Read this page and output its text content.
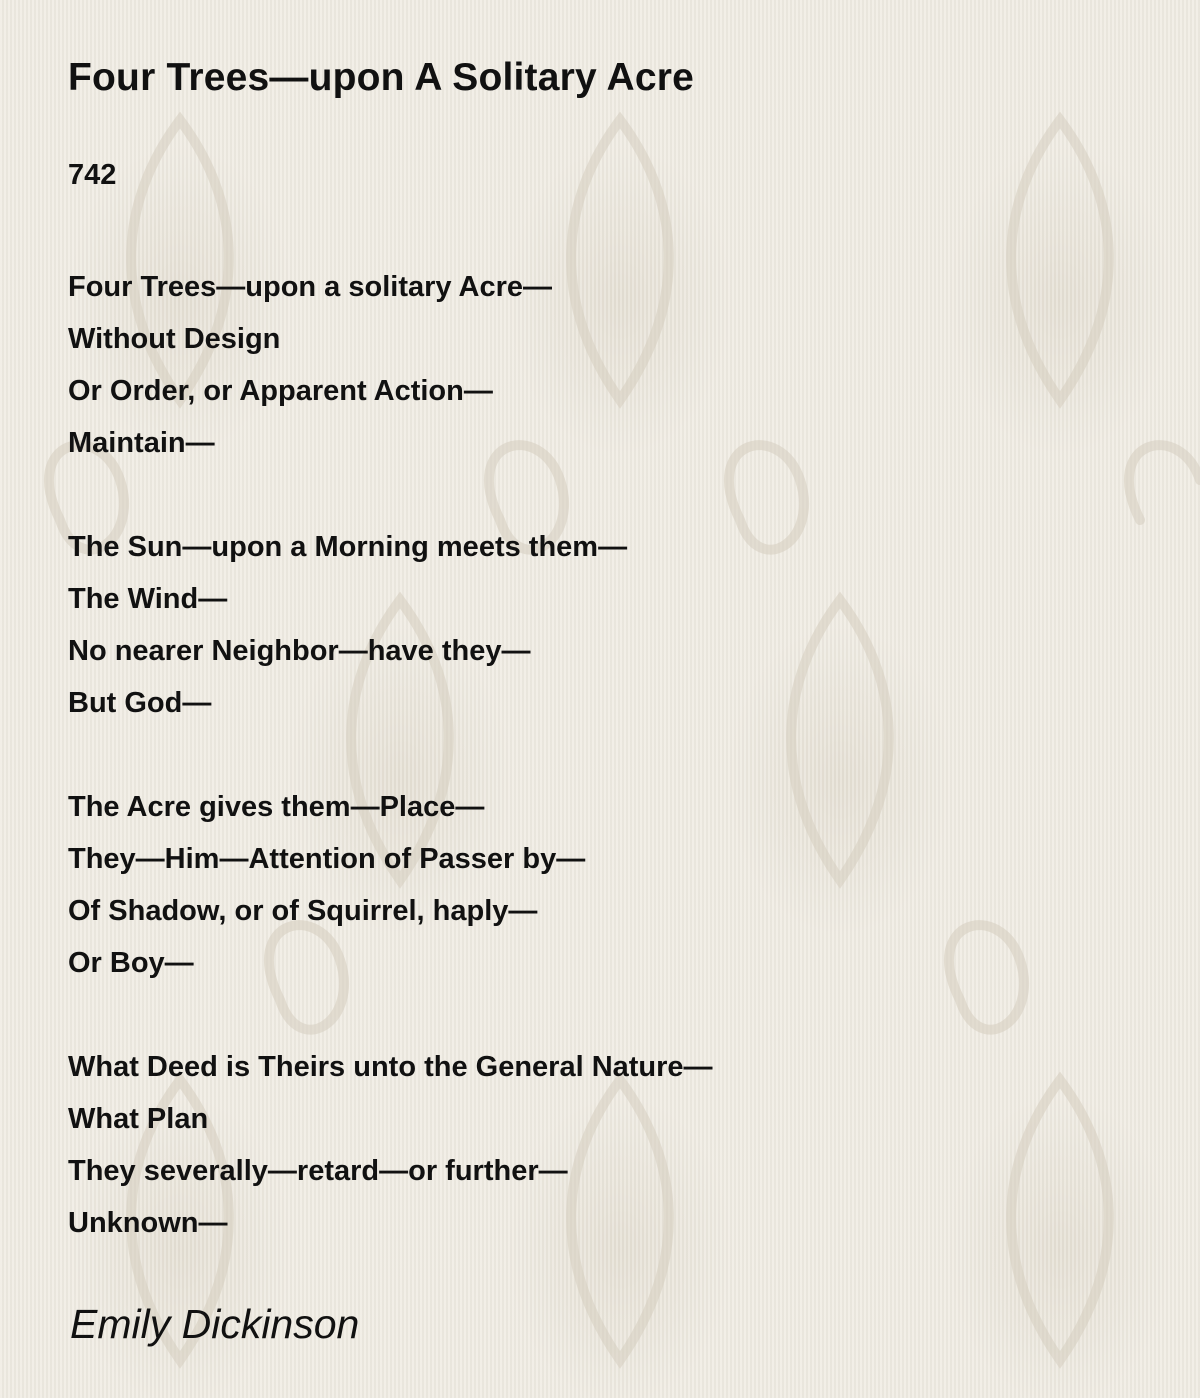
Four Trees—upon A Solitary Acre
742
Four Trees—upon a solitary Acre—
Without Design
Or Order, or Apparent Action—
Maintain—
The Sun—upon a Morning meets them—
The Wind—
No nearer Neighbor—have they—
But God—
The Acre gives them—Place—
They—Him—Attention of Passer by—
Of Shadow, or of Squirrel, haply—
Or Boy—
What Deed is Theirs unto the General Nature—
What Plan
They severally—retard—or further—
Unknown—
Emily Dickinson
